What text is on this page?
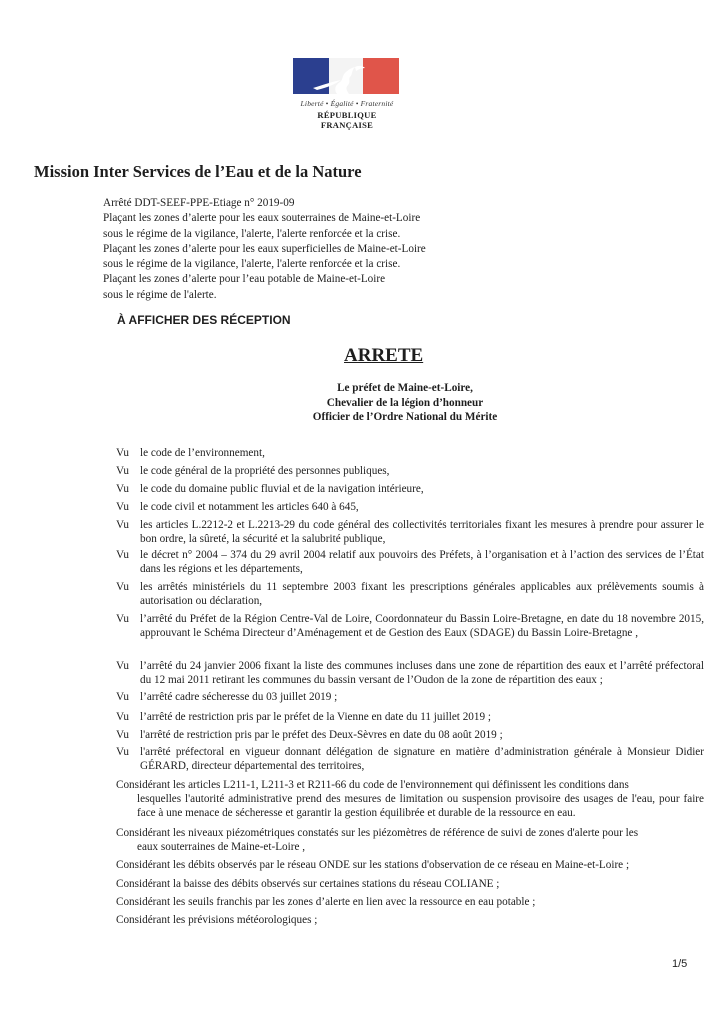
Liberté • Égalité • Fraternité
RÉPUBLIQUE FRANÇAISE
Mission Inter Services de l’Eau et de la Nature
Arrêté DDT-SEEF-PPE-Etiage n° 2019-09
Plaçant les zones d’alerte pour les eaux souterraines de Maine-et-Loire
sous le régime de la vigilance, l'alerte, l'alerte renforcée et la crise.
Plaçant les zones d’alerte pour les eaux superficielles de Maine-et-Loire
sous le régime de la vigilance, l'alerte, l'alerte renforcée et la crise.
Plaçant les zones d’alerte pour l’eau potable de Maine-et-Loire
sous le régime de l'alerte.
À AFFICHER DES RÉCEPTION
ARRETE
Le préfet de Maine-et-Loire,
Chevalier de la légion d’honneur
Officier de l’Ordre National du Mérite
Vu le code de l’environnement,
Vu le code général de la propriété des personnes publiques,
Vu le code du domaine public fluvial et de la navigation intérieure,
Vu le code civil et notamment les articles 640 à 645,
Vu les articles L.2212-2 et L.2213-29 du code général des collectivités territoriales fixant les mesures à prendre pour assurer le bon ordre, la sûreté, la sécurité et la salubrité publique,
Vu le décret n° 2004 – 374 du 29 avril 2004 relatif aux pouvoirs des Préfets, à l’organisation et à l’action des services de l’État dans les régions et les départements,
Vu les arrêtés ministériels du 11 septembre 2003 fixant les prescriptions générales applicables aux prélèvements soumis à autorisation ou déclaration,
Vu l’arrêté du Préfet de la Région Centre-Val de Loire, Coordonnateur du Bassin Loire-Bretagne, en date du 18 novembre 2015, approuvant le Schéma Directeur d’Aménagement et de Gestion des Eaux (SDAGE) du Bassin Loire-Bretagne ,
Vu l’arrêté du 24 janvier 2006 fixant la liste des communes incluses dans une zone de répartition des eaux et l’arrêté préfectoral du 12 mai 2011 retirant les communes du bassin versant de l’Oudon de la zone de répartition des eaux ;
Vu l’arrêté cadre sécheresse du 03 juillet 2019 ;
Vu l’arrêté de restriction pris par le préfet de la Vienne en date du 11 juillet 2019 ;
Vu l'arrêté de restriction pris par le préfet des Deux-Sèvres en date du 08 août 2019 ;
Vu l'arrêté préfectoral en vigueur donnant délégation de signature en matière d’administration générale à Monsieur Didier GÉRARD, directeur départemental des territoires,
Considérant les articles L211-1, L211-3 et R211-66 du code de l'environnement qui définissent les conditions dans
lesquelles l'autorité administrative prend des mesures de limitation ou suspension provisoire des usages de l'eau, pour faire face à une menace de sécheresse et garantir la gestion équilibrée et durable de la ressource en eau.
Considérant les niveaux piézométriques constatés sur les piézomètres de référence de suivi de zones d'alerte pour les
eaux souterraines de Maine-et-Loire ,
Considérant les débits observés par le réseau ONDE sur les stations d'observation de ce réseau en Maine-et-Loire ;
Considérant la baisse des débits observés sur certaines stations du réseau COLIANE ;
Considérant les seuils franchis par les zones d’alerte en lien avec la ressource en eau potable ;
Considérant les prévisions météorologiques ;
1/5
